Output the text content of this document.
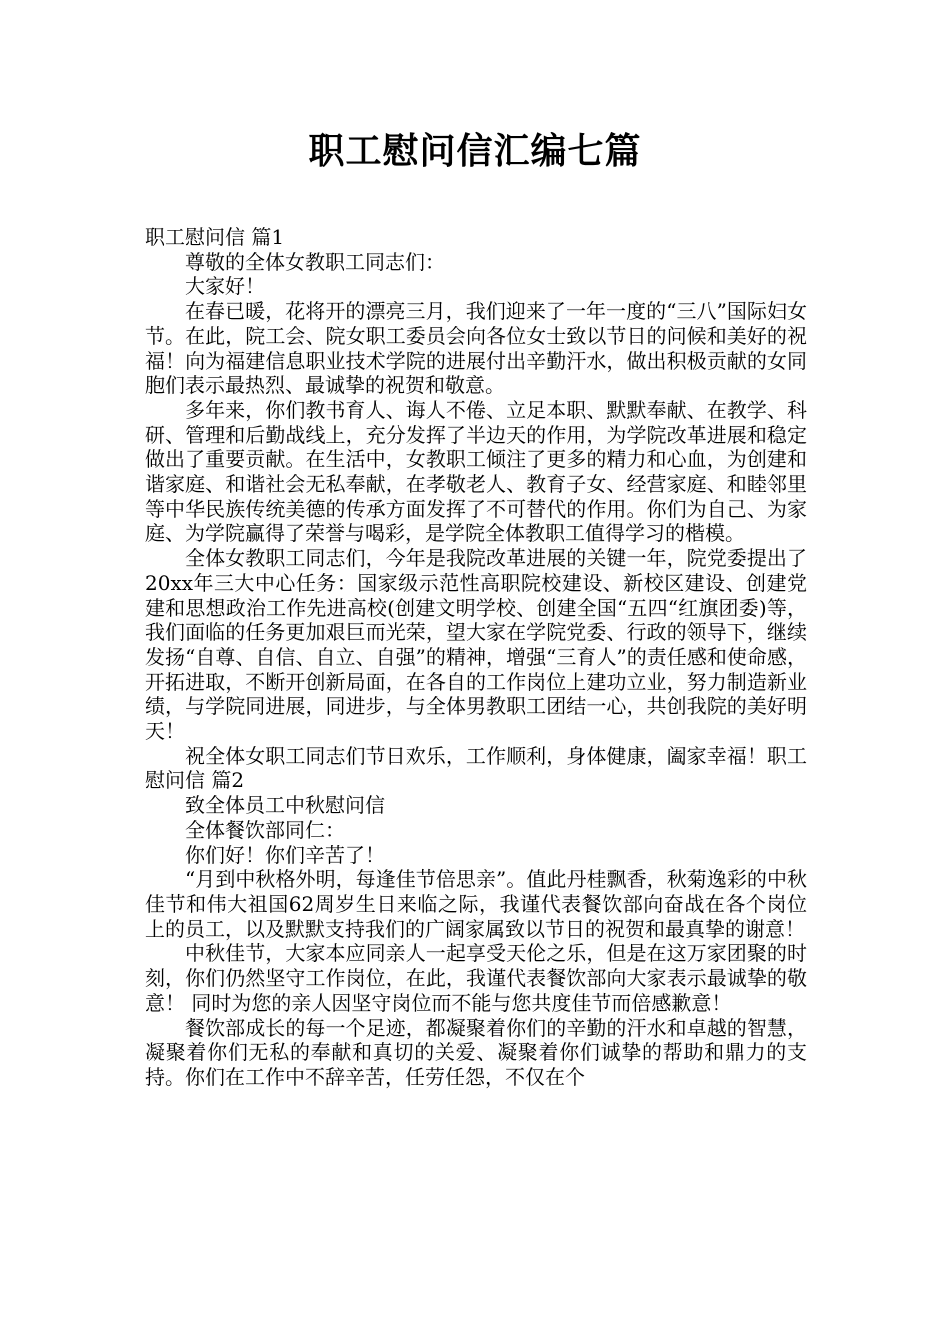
职工慰问信汇编七篇

职工慰问信 篇1

尊敬的全体女教职工同志们：

大家好！

在春已暖，花将开的漂亮三月，我们迎来了一年一度的“三八”国际妇女节。在此，院工会、院女职工委员会向各位女士致以节日的问候和美好的祝福！向为福建信息职业技术学院的进展付出辛勤汗水，做出积极贡献的女同胞们表示最热烈、最诚挚的祝贺和敬意。

多年来，你们教书育人、诲人不倦、立足本职、默默奉献、在教学、科研、管理和后勤战线上，充分发挥了半边天的作用，为学院改革进展和稳定做出了重要贡献。在生活中，女教职工倾注了更多的精力和心血，为创建和谐家庭、和谐社会无私奉献，在孝敬老人、教育子女、经营家庭、和睦邻里等中华民族传统美德的传承方面发挥了不可替代的作用。你们为自己、为家庭、为学院赢得了荣誉与喝彩，是学院全体教职工值得学习的楷模。

全体女教职工同志们，今年是我院改革进展的关键一年，院党委提出了20xx年三大中心任务：国家级示范性高职院校建设、新校区建设、创建党建和思想政治工作先进高校(创建文明学校、创建全国“五四“红旗团委)等，我们面临的任务更加艰巨而光荣，望大家在学院党委、行政的领导下，继续发扬“自尊、自信、自立、自强”的精神，增强“三育人”的责任感和使命感，开拓进取，不断开创新局面，在各自的工作岗位上建功立业，努力制造新业绩，与学院同进展，同进步，与全体男教职工团结一心，共创我院的美好明天！

祝全体女职工同志们节日欢乐，工作顺利，身体健康，阖家幸福！职工慰问信 篇2

致全体员工中秋慰问信

全体餐饮部同仁：

你们好！你们辛苦了！

“月到中秋格外明，每逢佳节倍思亲”。值此丹桂飘香，秋菊逸彩的中秋佳节和伟大祖国62周岁生日来临之际，我谨代表餐饮部向奋战在各个岗位上的员工，以及默默支持我们的广阔家属致以节日的祝贺和最真挚的谢意！

中秋佳节，大家本应同亲人一起享受天伦之乐，但是在这万家团聚的时刻，你们仍然坚守工作岗位，在此，我谨代表餐饮部向大家表示最诚挚的敬意！ 同时为您的亲人因坚守岗位而不能与您共度佳节而倍感歉意！

餐饮部成长的每一个足迹，都凝聚着你们的辛勤的汗水和卓越的智慧，凝聚着你们无私的奉献和真切的关爱、凝聚着你们诚挚的帮助和鼎力的支持。你们在工作中不辞辛苦，任劳任怨，不仅在个
